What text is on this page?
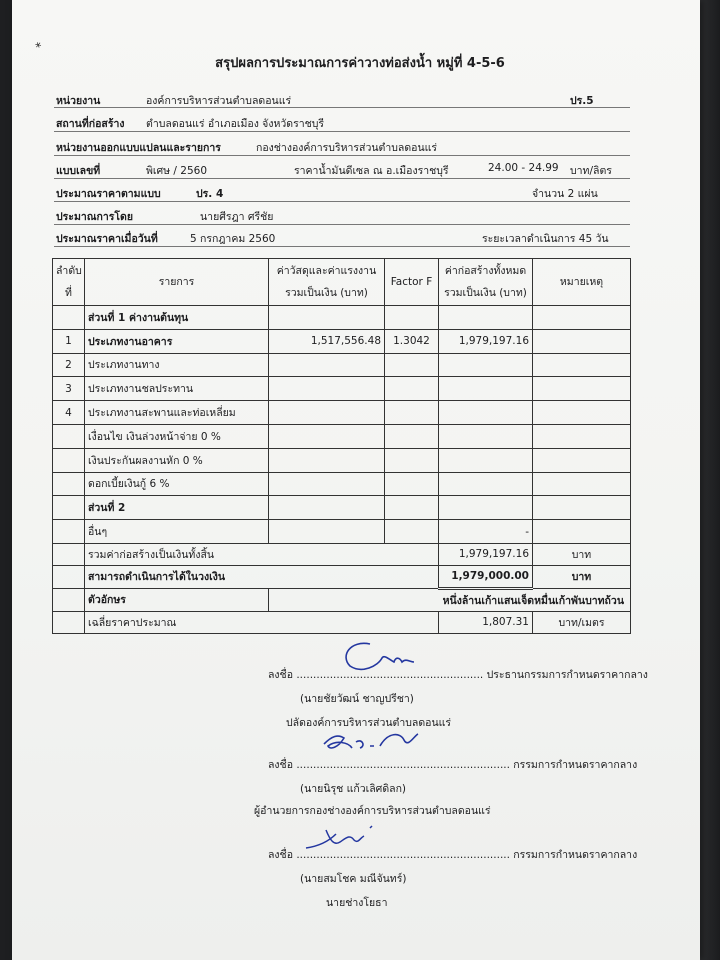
*
สรุปผลการประมาณการค่าวางท่อส่งน้ำ หมู่ที่ 4-5-6
หน่วยงาน	องค์การบริหารส่วนตำบลดอนแร่	ปร.5
สถานที่ก่อสร้าง ตำบลดอนแร่ อำเภอเมือง จังหวัดราชบุรี
หน่วยงานออกแบบแปลนและรายการ	กองช่างองค์การบริหารส่วนตำบลดอนแร่
แบบเลขที่	พิเศษ / 2560	ราคาน้ำมันดีเซล ณ อ.เมืองราชบุรี	24.00 - 24.99 บาท/ลิตร
ประมาณราคาตามแบบ	ปร. 4	จำนวน 2 แผ่น
ประมาณการโดย	นายศีรฎา ศรีชัย
ประมาณราคาเมื่อวันที่	5 กรกฎาคม 2560	ระยะเวลาดำเนินการ 45 วัน
ลำดับ ที่	รายการ	ค่าวัสดุและค่าแรงงาน รวมเป็นเงิน (บาท)	Factor F	ค่าก่อสร้างทั้งหมด รวมเป็นเงิน (บาท)	หมายเหตุ
	ส่วนที่ 1 ค่างานต้นทุน				
1	ประเภทงานอาคาร	1,517,556.48	1.3042	1,979,197.16	
2	ประเภทงานทาง				
3	ประเภทงานชลประทาน				
4	ประเภทงานสะพานและท่อเหลี่ยม				
	เงื่อนไข เงินล่วงหน้าจ่าย 0 %				
	เงินประกันผลงานหัก 0 %				
	ดอกเบี้ยเงินกู้ 6 %				
	ส่วนที่ 2				
	อื่นๆ			-	
	รวมค่าก่อสร้างเป็นเงินทั้งสิ้น			1,979,197.16	บาท
	สามารถดำเนินการได้ในวงเงิน			1,979,000.00	บาท
	ตัวอักษร	หนึ่งล้านเก้าแสนเจ็ดหมื่นเก้าพันบาทถ้วน			
	เฉลี่ยราคาประมาณ			1,807.31	บาท/เมตร
ลงชื่อ ........................................................ ประธานกรรมการกำหนดราคากลาง
(นายชัยวัฒน์ ชาญปรีชา)
ปลัดองค์การบริหารส่วนตำบลดอนแร่
ลงชื่อ ................................................................ กรรมการกำหนดราคากลาง
(นายนิรุช แก้วเลิศดิลก)
ผู้อำนวยการกองช่างองค์การบริหารส่วนตำบลดอนแร่
ลงชื่อ ................................................................ กรรมการกำหนดราคากลาง
(นายสมโชค มณีจันทร์)
นายช่างโยธา
